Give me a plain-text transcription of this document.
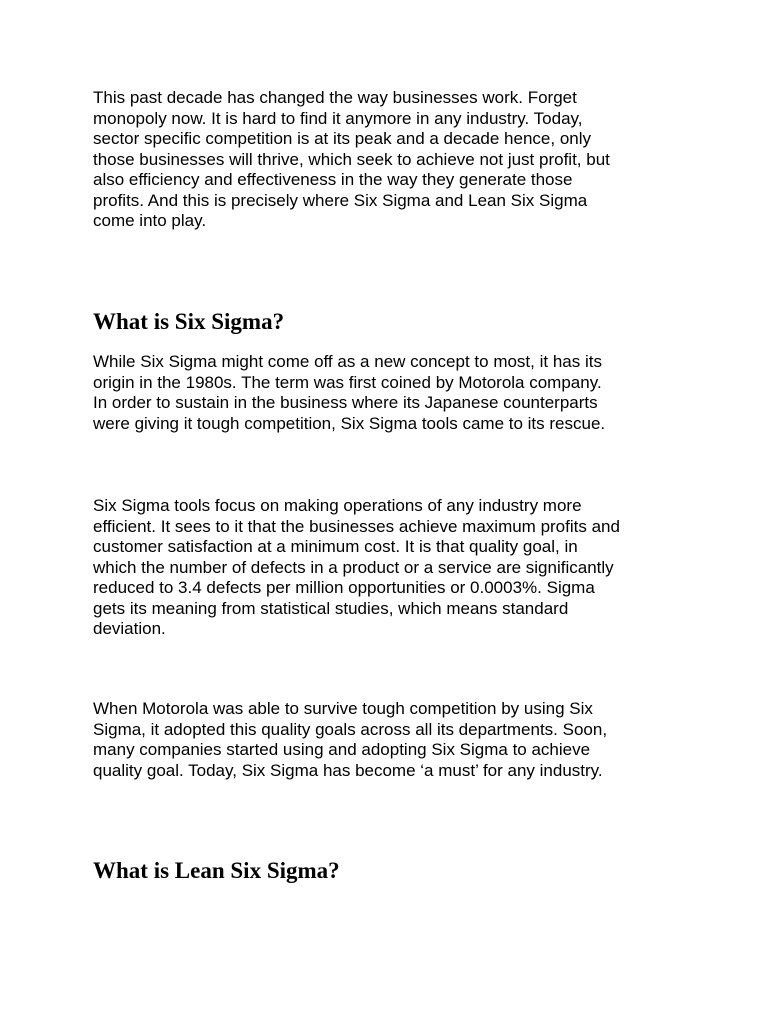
This past decade has changed the way businesses work. Forget
monopoly now. It is hard to find it anymore in any industry. Today,
sector specific competition is at its peak and a decade hence, only
those businesses will thrive, which seek to achieve not just profit, but
also efficiency and effectiveness in the way they generate those
profits. And this is precisely where Six Sigma and Lean Six Sigma
come into play.

What is Six Sigma?

While Six Sigma might come off as a new concept to most, it has its
origin in the 1980s. The term was first coined by Motorola company.
In order to sustain in the business where its Japanese counterparts
were giving it tough competition, Six Sigma tools came to its rescue.

Six Sigma tools focus on making operations of any industry more
efficient. It sees to it that the businesses achieve maximum profits and
customer satisfaction at a minimum cost. It is that quality goal, in
which the number of defects in a product or a service are significantly
reduced to 3.4 defects per million opportunities or 0.0003%. Sigma
gets its meaning from statistical studies, which means standard
deviation.

When Motorola was able to survive tough competition by using Six
Sigma, it adopted this quality goals across all its departments. Soon,
many companies started using and adopting Six Sigma to achieve
quality goal. Today, Six Sigma has become ‘a must’ for any industry.

What is Lean Six Sigma?
